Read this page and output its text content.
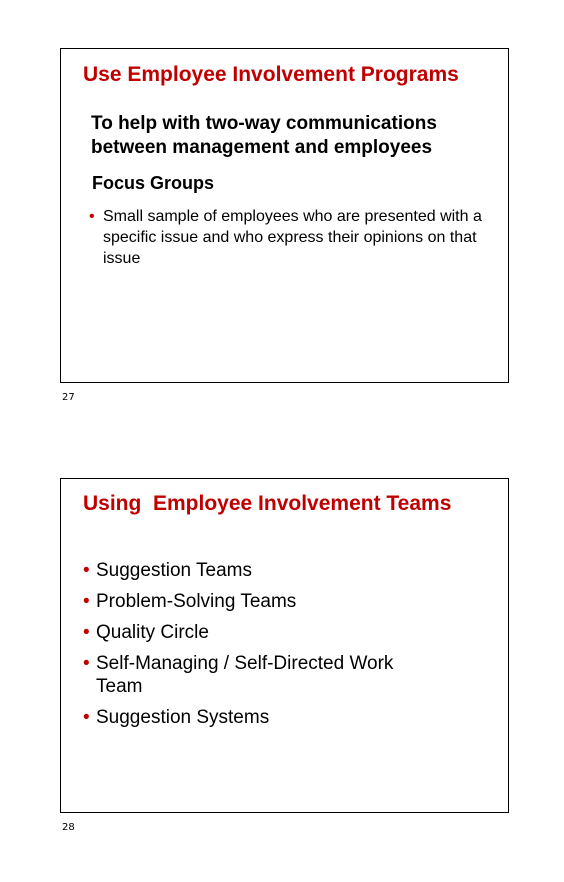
Use Employee Involvement Programs
To help with two-way communications between management and employees
Focus Groups
• Small sample of employees who are presented with a specific issue and who express their opinions on that issue
27
Using  Employee Involvement Teams
• Suggestion Teams
• Problem-Solving Teams
• Quality Circle
• Self-Managing / Self-Directed Work Team
• Suggestion Systems
28
